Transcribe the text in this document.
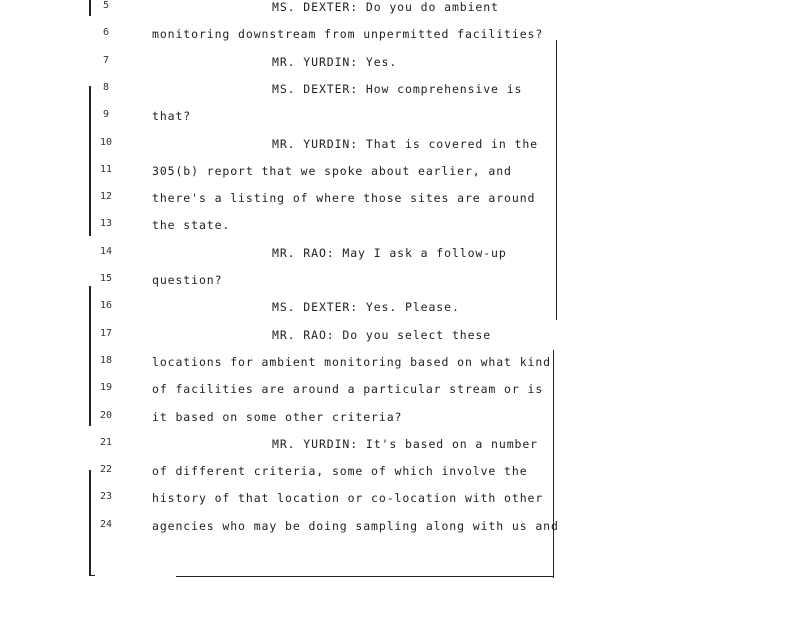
5	MS. DEXTER: Do you do ambient
6	monitoring downstream from unpermitted facilities?
7	MR. YURDIN: Yes.
8	MS. DEXTER: How comprehensive is
9	that?
10	MR. YURDIN: That is covered in the
11	305(b) report that we spoke about earlier, and
12	there's a listing of where those sites are around
13	the state.
14	MR. RAO: May I ask a follow-up
15	question?
16	MS. DEXTER: Yes. Please.
17	MR. RAO: Do you select these
18	locations for ambient monitoring based on what kind
19	of facilities are around a particular stream or is
20	it based on some other criteria?
21	MR. YURDIN: It's based on a number
22	of different criteria, some of which involve the
23	history of that location or co-location with other
24	agencies who may be doing sampling along with us and
